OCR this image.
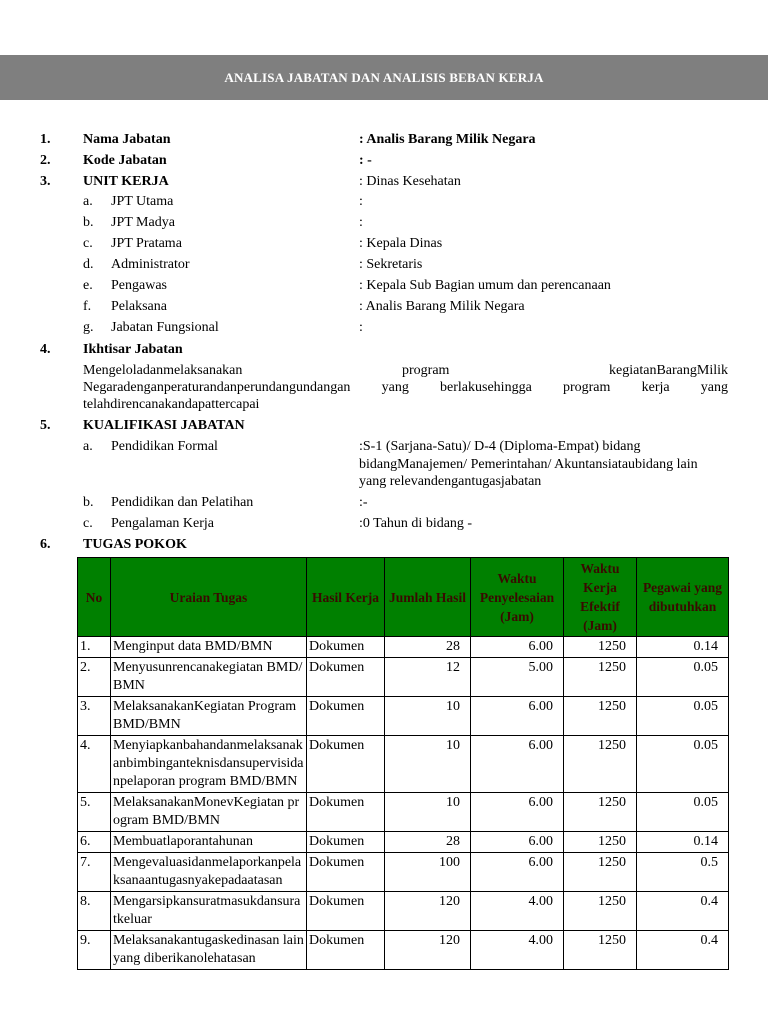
ANALISA JABATAN DAN ANALISIS BEBAN KERJA
1. Nama Jabatan	: Analis Barang Milik Negara
2. Kode Jabatan	: -
3. UNIT KERJA	: Dinas Kesehatan
a. JPT Utama	:
b. JPT Madya	:
c. JPT Pratama	: Kepala Dinas
d. Administrator	: Sekretaris
e. Pengawas	: Kepala Sub Bagian umum dan perencanaan
f. Pelaksana	: Analis Barang Milik Negara
g. Jabatan Fungsional	:
4. Ikhtisar Jabatan
Mengeloladanmelaksanakan program kegiatanBarangMilik
Negaradenganperaturandanperundangundangan yang berlakusehingga program kerja yang
telahdirencanakandapattercapai
5. KUALIFIKASI JABATAN
a. Pendidikan Formal	:S-1 (Sarjana-Satu)/ D-4 (Diploma-Empat) bidang bidangManajemen/ Pemerintahan/ Akuntansiataubidang lain yang relevandengantugasjabatan
b. Pendidikan dan Pelatihan	:-
c. Pengalaman Kerja	:0 Tahun di bidang -
6. TUGAS POKOK
No	Uraian Tugas	Hasil Kerja	Jumlah Hasil	Waktu Penyelesaian (Jam)	Waktu Kerja Efektif (Jam)	Pegawai yang dibutuhkan
1.	Menginput data BMD/BMN	Dokumen	28	6.00	1250	0.14
2.	Menyusunrencanakegiatan BMD/BMN	Dokumen	12	5.00	1250	0.05
3.	MelaksanakanKegiatan Program BMD/BMN	Dokumen	10	6.00	1250	0.05
4.	Menyiapkanbahandanmelaksanakanbimbinganteknisdansupervisidanpelaporan program BMD/BMN	Dokumen	10	6.00	1250	0.05
5.	MelaksanakanMonevKegiatan program BMD/BMN	Dokumen	10	6.00	1250	0.05
6.	Membuatlaporantahunan	Dokumen	28	6.00	1250	0.14
7.	Mengevaluasidanmelaporkanpelaksanaantugasnyakepadaatasan	Dokumen	100	6.00	1250	0.5
8.	Mengarsipkansuratmasukdansuratkeluar	Dokumen	120	4.00	1250	0.4
9.	Melaksanakantugaskedinasan lain yang diberikanolehatasan	Dokumen	120	4.00	1250	0.4
